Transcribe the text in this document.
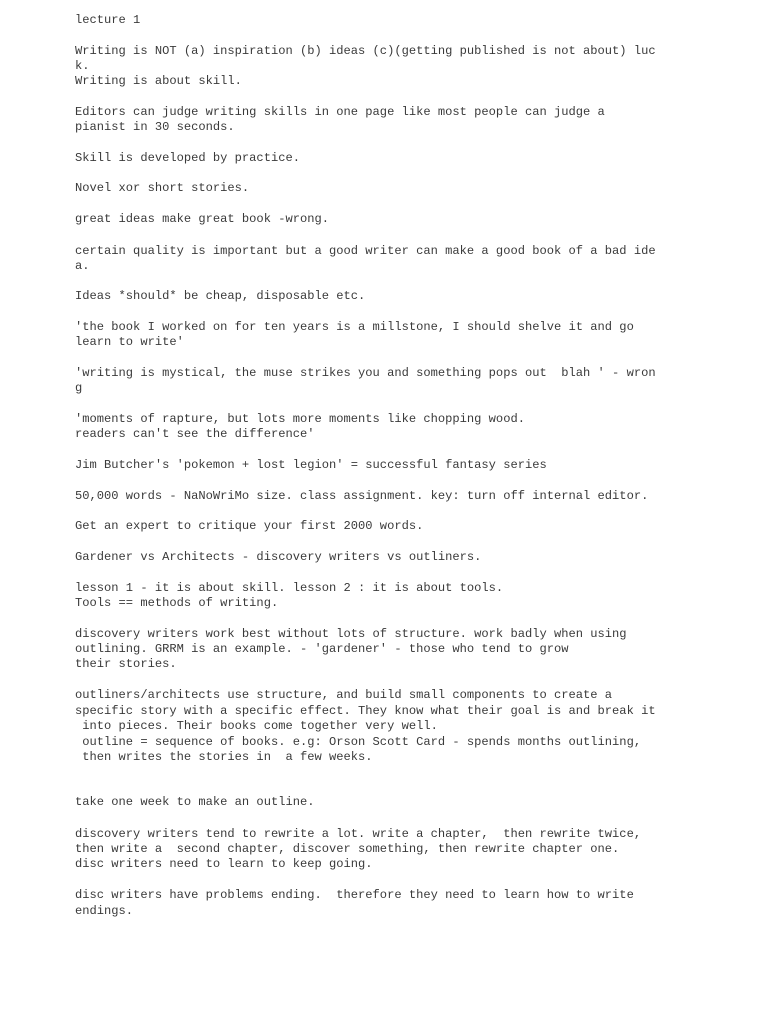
lecture 1

Writing is NOT (a) inspiration (b) ideas (c)(getting published is not about) luc

k.

Writing is about skill.

Editors can judge writing skills in one page like most people can judge a

pianist in 30 seconds.

Skill is developed by practice.

Novel xor short stories.

great ideas make great book -wrong.

certain quality is important but a good writer can make a good book of a bad ide

a.

Ideas *should* be cheap, disposable etc.

'the book I worked on for ten years is a millstone, I should shelve it and go

learn to write'

'writing is mystical, the muse strikes you and something pops out  blah ' - wron

g

'moments of rapture, but lots more moments like chopping wood.

readers can't see the difference'

Jim Butcher's 'pokemon + lost legion' = successful fantasy series

50,000 words - NaNoWriMo size. class assignment. key: turn off internal editor.

Get an expert to critique your first 2000 words.

Gardener vs Architects - discovery writers vs outliners.

lesson 1 - it is about skill. lesson 2 : it is about tools.

Tools == methods of writing.

discovery writers work best without lots of structure. work badly when using

outlining. GRRM is an example. - 'gardener' - those who tend to grow

their stories.

outliners/architects use structure, and build small components to create a

specific story with a specific effect. They know what their goal is and break it

into pieces. Their books come together very well.

outline = sequence of books. e.g: Orson Scott Card - spends months outlining,

then writes the stories in  a few weeks.

take one week to make an outline.

discovery writers tend to rewrite a lot. write a chapter,  then rewrite twice,

then write a  second chapter, discover something, then rewrite chapter one.

disc writers need to learn to keep going.

disc writers have problems ending.  therefore they need to learn how to write

endings.
